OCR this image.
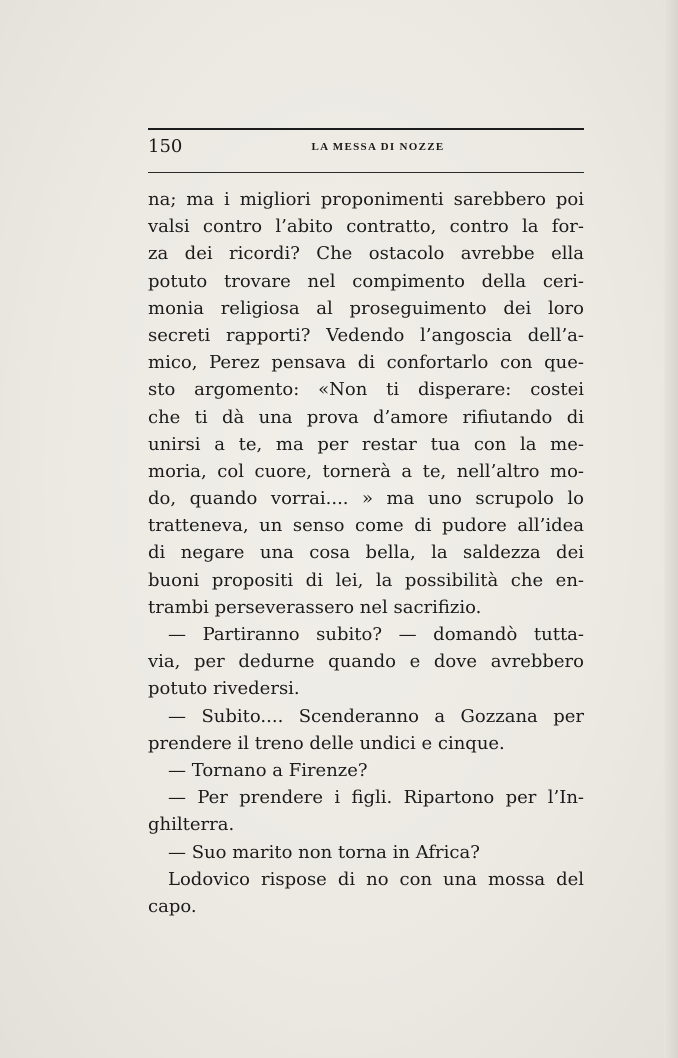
150	LA MESSA DI NOZZE
na; ma i migliori proponimenti sarebbero poi
valsi contro l’abito contratto, contro la for-
za dei ricordi? Che ostacolo avrebbe ella
potuto trovare nel compimento della ceri-
monia religiosa al proseguimento dei loro
secreti rapporti? Vedendo l’angoscia dell’a-
mico, Perez pensava di confortarlo con que-
sto argomento: «Non ti disperare: costei
che ti dà una prova d’amore rifiutando di
unirsi a te, ma per restar tua con la me-
moria, col cuore, tornerà a te, nell’altro mo-
do, quando vorrai.... » ma uno scrupolo lo
tratteneva, un senso come di pudore all’idea
di negare una cosa bella, la saldezza dei
buoni propositi di lei, la possibilità che en-
trambi perseverassero nel sacrifizio.
— Partiranno subito? — domandò tutta-
via, per dedurne quando e dove avrebbero
potuto rivedersi.
— Subito.... Scenderanno a Gozzana per
prendere il treno delle undici e cinque.
— Tornano a Firenze?
— Per prendere i figli. Ripartono per l’In-
ghilterra.
— Suo marito non torna in Africa?
Lodovico rispose di no con una mossa del
capo.
